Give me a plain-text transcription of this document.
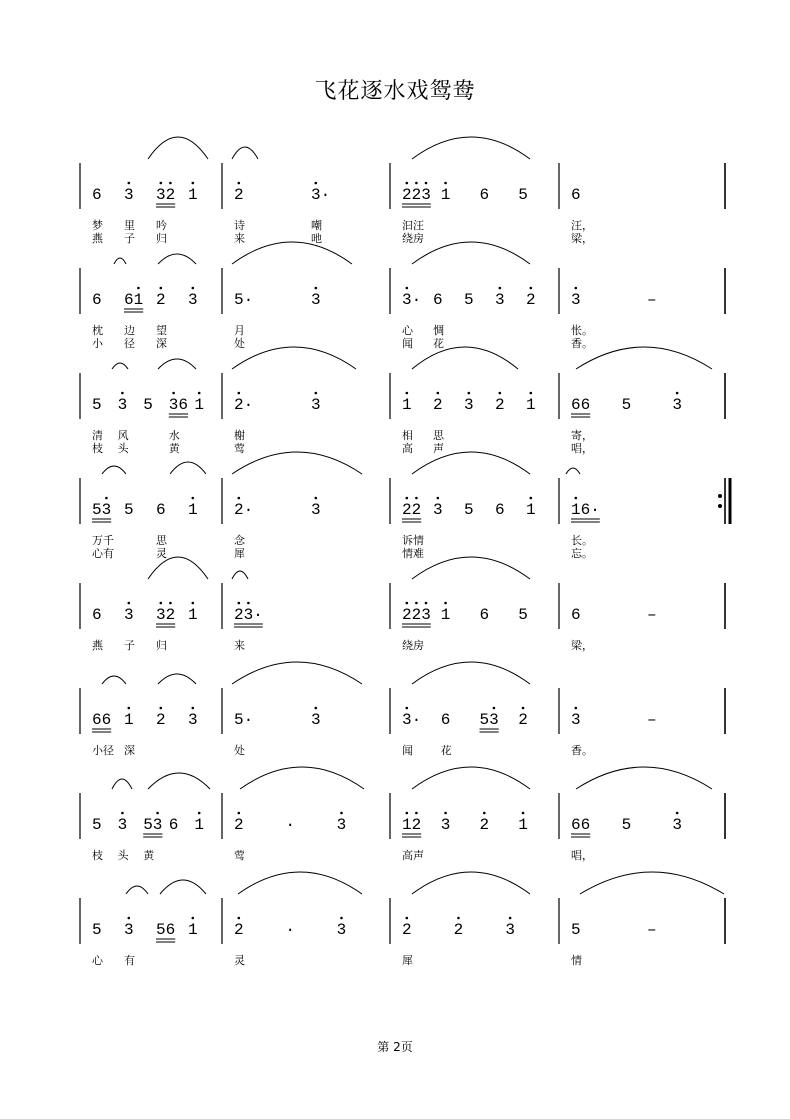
飞花逐水戏鸳鸯
6 3 32 1
梦 里 吟
燕 子 归
2	3·
诗	嘲
来	吔
223 1 6 5
汩汪
绕房
6
汪，
梁，
6 61 2 3
枕 边 望
小 径 深
5·	3
月
处
3· 6 5 3 2
心 惆
闻 花
3	–
怅。
香。
5 3 5 36 1
清 风	水
枝 头	黄
2·	3
榭
莺
1 2 3 2 1
相 思
高 声
66 5	3
寄，
唱，
53 5 6 1
万千	思
心有	灵
2·	3
念
犀
22 3 5 6 1
诉情
情难
16·
长。
忘。
6 3 32 1
燕 子 归
23·
来
223 1 6 5
绕房
6	–
梁，
66 1 2 3
小径 深
5·	3
处
3· 6 53 2
闻	花
3	–
香。
5 3 53 6 1
枝 头 黄
2	·	3
莺
12 3 2 1
高声
66 5	3
唱，
5 3 56 1
心 有
2	·	3
灵
2	2	3
犀
5	–
情
第 2页
